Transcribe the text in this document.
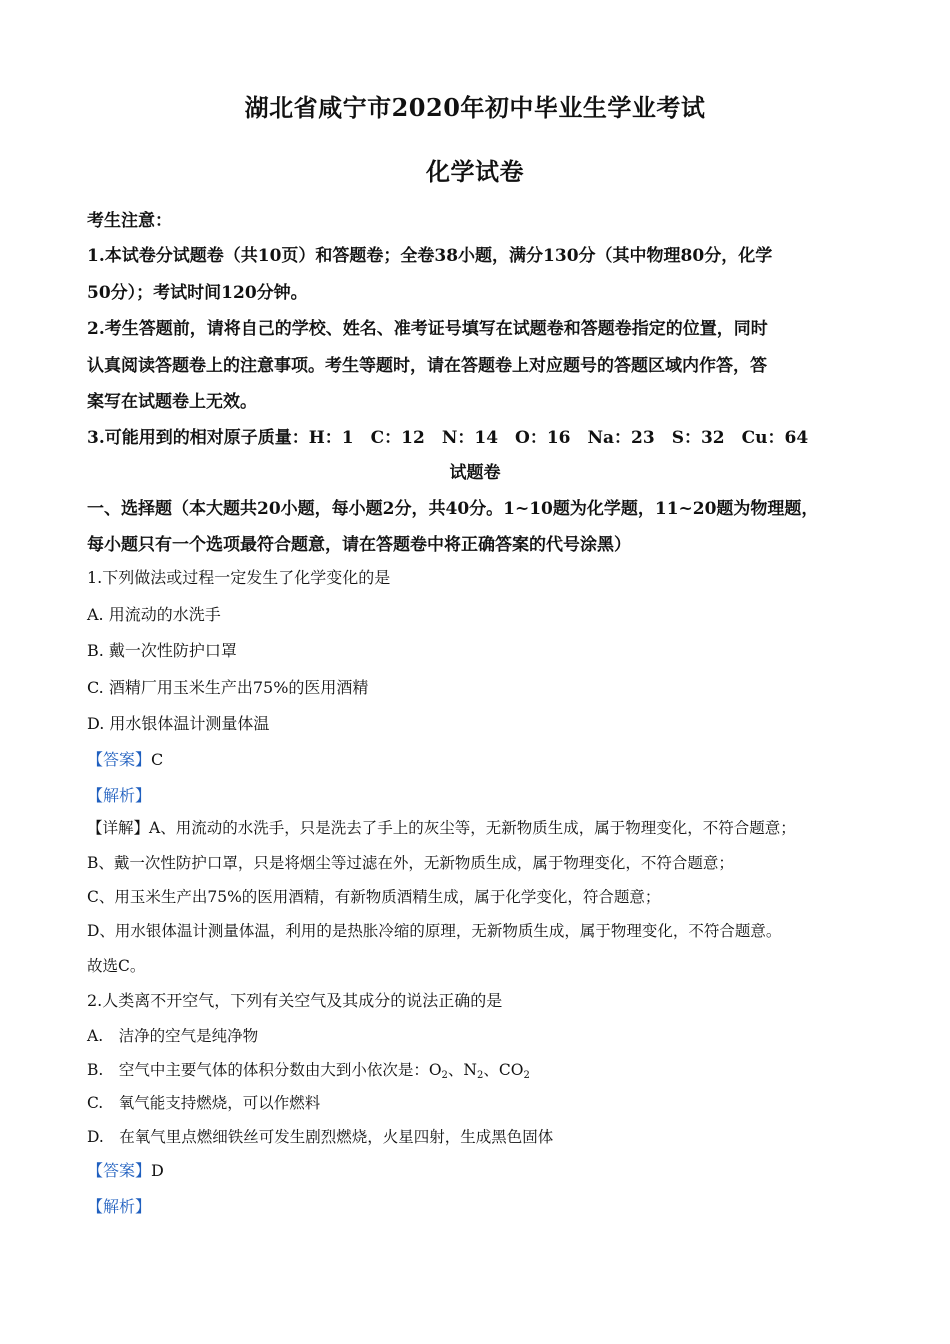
湖北省咸宁市2020年初中毕业生学业考试
化学试卷
考生注意：
1.本试卷分试题卷（共10页）和答题卷；全卷38小题，满分130分（其中物理80分，化学
50分）；考试时间120分钟。
2.考生答题前，请将自己的学校、姓名、准考证号填写在试题卷和答题卷指定的位置，同时
认真阅读答题卷上的注意事项。考生等题时，请在答题卷上对应题号的答题区域内作答，答
案写在试题卷上无效。
3.可能用到的相对原子质量：H：1　C：12　N：14　O：16　Na：23　S：32　Cu：64
试题卷
一、选择题（本大题共20小题，每小题2分，共40分。1~10题为化学题，11~20题为物理题，
每小题只有一个选项最符合题意，请在答题卷中将正确答案的代号涂黑）
1.下列做法或过程一定发生了化学变化的是
A. 用流动的水洗手
B. 戴一次性防护口罩
C. 酒精厂用玉米生产出75%的医用酒精
D. 用水银体温计测量体温
【答案】C
【解析】
【详解】A、用流动的水洗手，只是洗去了手上的灰尘等，无新物质生成，属于物理变化，不符合题意；
B、戴一次性防护口罩，只是将烟尘等过滤在外，无新物质生成，属于物理变化，不符合题意；
C、用玉米生产出75%的医用酒精，有新物质酒精生成，属于化学变化，符合题意；
D、用水银体温计测量体温，利用的是热胀冷缩的原理，无新物质生成，属于物理变化，不符合题意。
故选C。
2.人类离不开空气，下列有关空气及其成分的说法正确的是
A.　洁净的空气是纯净物
B.　空气中主要气体的体积分数由大到小依次是：$O_2$、$N_2$、$CO_2$
C.　氧气能支持燃烧，可以作燃料
D.　在氧气里点燃细铁丝可发生剧烈燃烧，火星四射，生成黑色固体
【答案】D
【解析】
